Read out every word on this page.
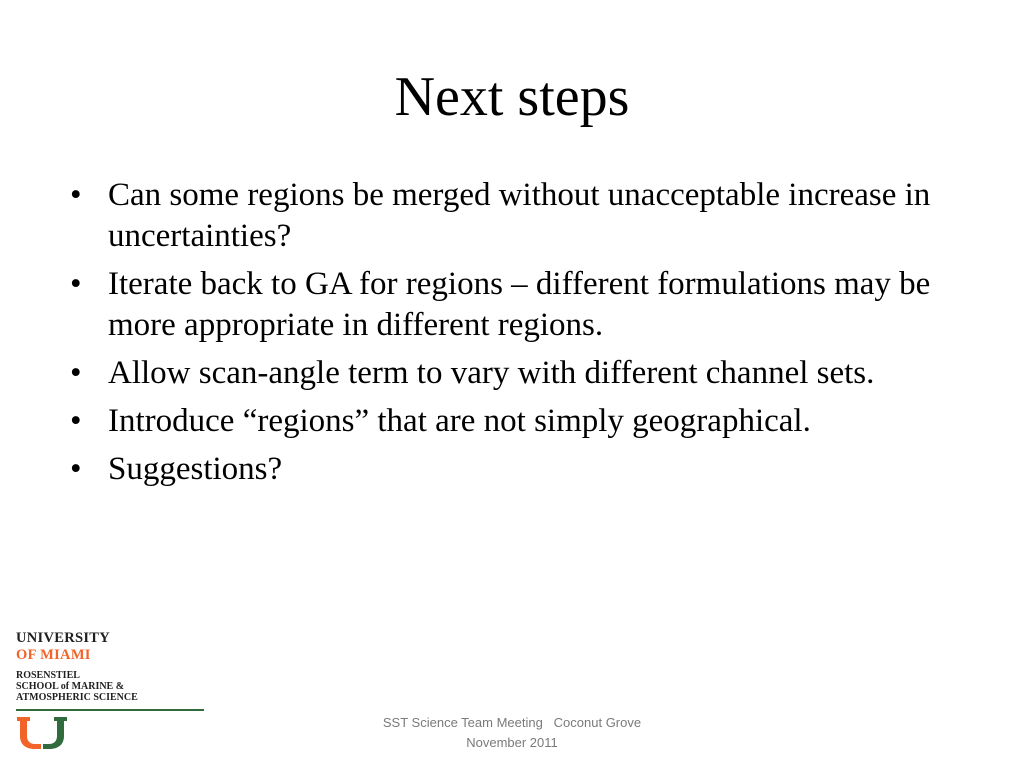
Next steps
• Can some regions be merged without unacceptable increase in uncertainties?
• Iterate back to GA for regions – different formulations may be more appropriate in different regions.
• Allow scan-angle term to vary with different channel sets.
• Introduce “regions” that are not simply geographical.
• Suggestions?
UNIVERSITY
OF MIAMI
ROSENSTIEL
SCHOOL of MARINE &
ATMOSPHERIC SCIENCE
SST Science Team Meeting   Coconut Grove
November 2011
